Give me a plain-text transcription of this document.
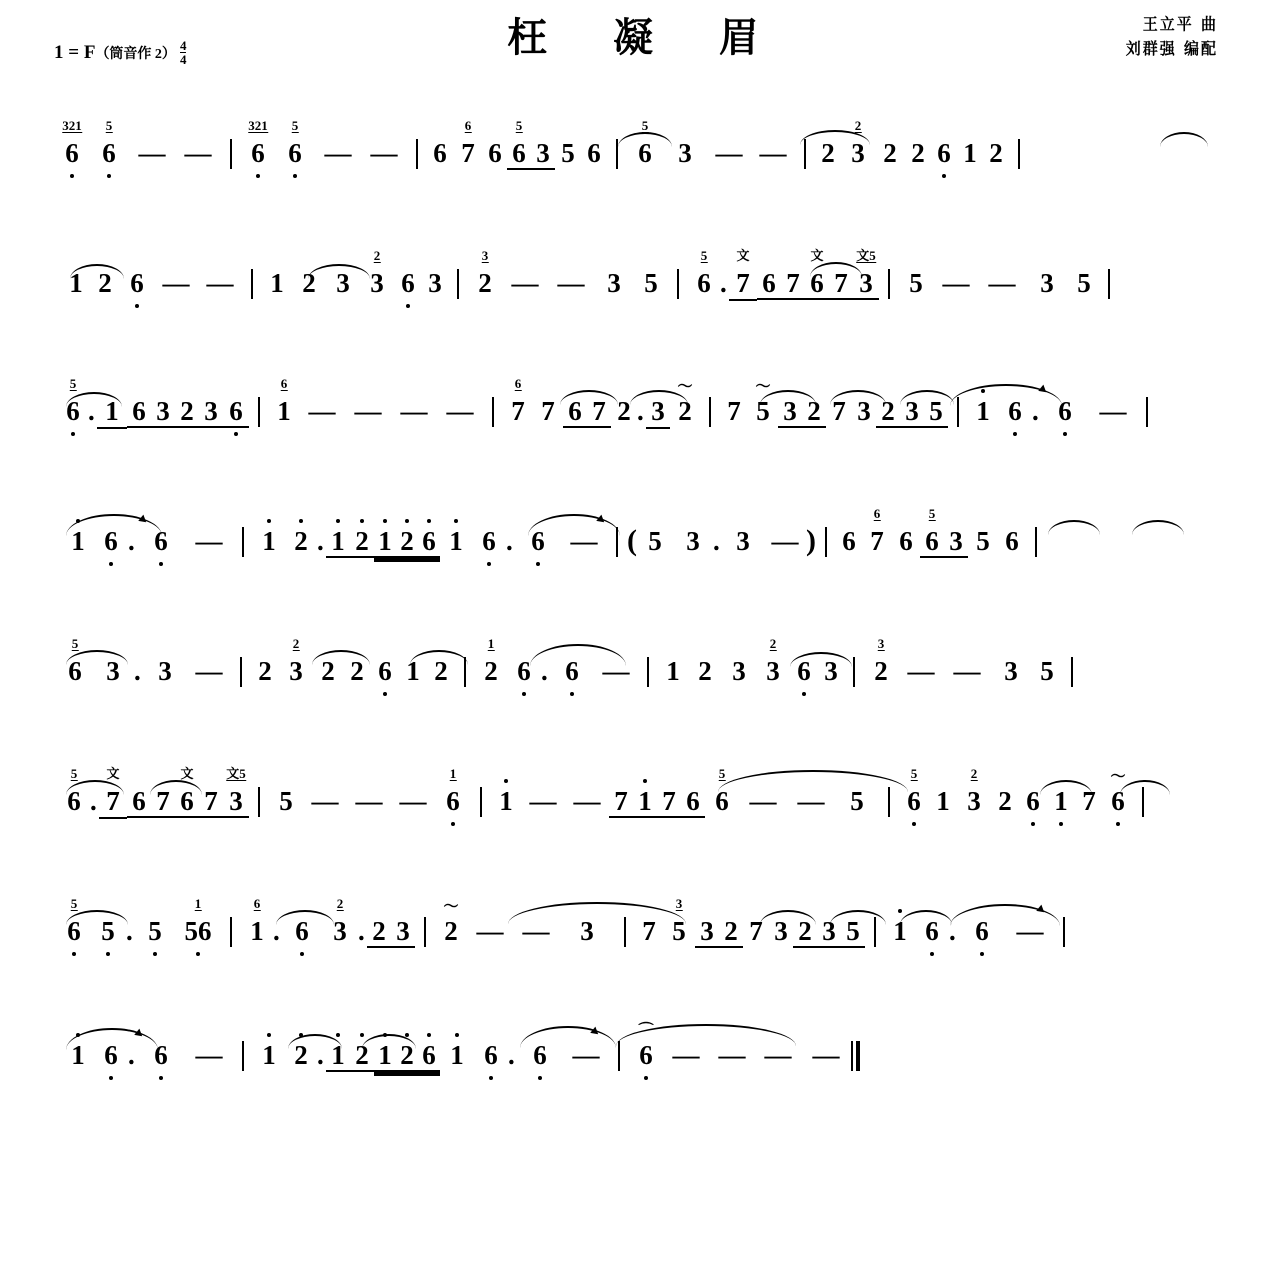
枉 凝 眉
1 = F（筒音作 $2) \frac{4}{4}$
王立平 曲
刘群强 编配
321
6
5
6 — —
321
6
5
6 — — 6
6
7 6
5
6 3 5 6
5
6 3 — — 2
2
3 2 2 6 1 2
1 2 6 — — 1 2 3
2
3 6 3
3
2 — — 3 5
5
6 .
文
7 6 7
文
6 7
文5
3 5 — — 3 5
5
6 . 1 6 3 2 3 6
6
1 — — — —
6
7 7 6 7 2 . 3
〜
2 7
〜
5 3 2 7 3 2 3 5 1 6 . 6 —
1 6 . 6 — 1 2 . 1 2 1 2 6 1 6 . 6 — ( 5 3 . 3 — ) 6
6
7 6
5
6 3 5 6
5
6 3 . 3 — 2
2
3 2 2 6 1 2
1
2 6 . 6 — 1 2 3
2
3 6 3
3
2 — — 3 5
5
6 .
文
7 6 7
文
6 7
文5
3 5 — — —
1
6 1 — — 7 1 7 6
5
6 — — 5
5
6 1
2
3 2 6 1 7
〜
6
5
6 5 . 5
1
56
6
1 . 6
2
3 . 2 3
〜
2 — — 3 7
3
5 3 2 7 3 2 3 5 1 6 . 6 —
1 6 . 6 — 1 2 . 1 2 1 2 6 1 6 . 6 —
⌒
6 — — — —
